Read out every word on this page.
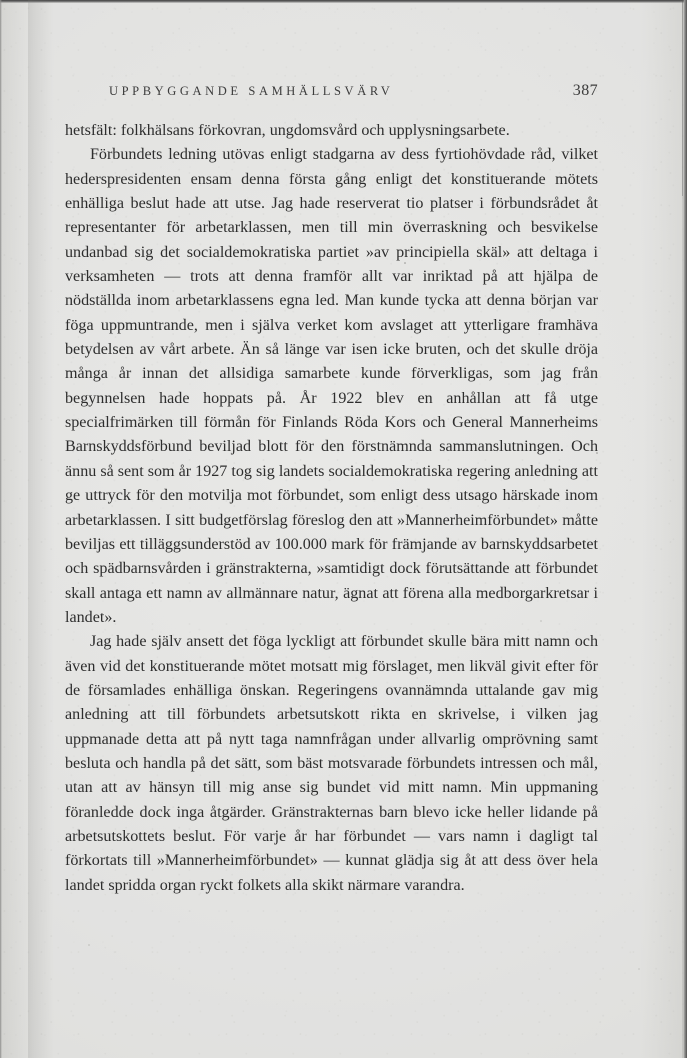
UPPBYGGANDE SAMHÄLLSVÄRV	387

hetsfält: folkhälsans förkovran, ungdomsvård och upplysningsarbete.

Förbundets ledning utövas enligt stadgarna av dess fyrtiohövdade råd, vilket hederspresidenten ensam denna första gång enligt det konstituerande mötets enhälliga beslut hade att utse. Jag hade reserverat tio platser i förbundsrådet åt representanter för arbetarklassen, men till min överraskning och besvikelse undanbad sig det socialdemokratiska partiet »av principiella skäl» att deltaga i verksamheten — trots att denna framför allt var inriktad på att hjälpa de nödställda inom arbetarklassens egna led. Man kunde tycka att denna början var föga uppmuntrande, men i själva verket kom avslaget att ytterligare framhäva betydelsen av vårt arbete. Än så länge var isen icke bruten, och det skulle dröja många år innan det allsidiga samarbete kunde förverkligas, som jag från begynnelsen hade hoppats på. År 1922 blev en anhållan att få utge specialfrimärken till förmån för Finlands Röda Kors och General Mannerheims Barnskyddsförbund beviljad blott för den förstnämnda sammanslutningen. Och ännu så sent som år 1927 tog sig landets socialdemokratiska regering anledning att ge uttryck för den motvilja mot förbundet, som enligt dess utsago härskade inom arbetarklassen. I sitt budgetförslag föreslog den att »Mannerheimförbundet» måtte beviljas ett tilläggsunderstöd av 100.000 mark för främjande av barnskyddsarbetet och spädbarnsvården i gränstrakterna, »samtidigt dock förutsättande att förbundet skall antaga ett namn av allmännare natur, ägnat att förena alla medborgarkretsar i landet».

Jag hade själv ansett det föga lyckligt att förbundet skulle bära mitt namn och även vid det konstituerande mötet motsatt mig förslaget, men likväl givit efter för de församlades enhälliga önskan. Regeringens ovannämnda uttalande gav mig anledning att till förbundets arbetsutskott rikta en skrivelse, i vilken jag uppmanade detta att på nytt taga namnfrågan under allvarlig omprövning samt besluta och handla på det sätt, som bäst motsvarade förbundets intressen och mål, utan att av hänsyn till mig anse sig bundet vid mitt namn. Min uppmaning föranledde dock inga åtgärder. Gränstrakternas barn blevo icke heller lidande på arbetsutskottets beslut. För varje år har förbundet — vars namn i dagligt tal förkortats till »Mannerheimförbundet» — kunnat glädja sig åt att dess över hela landet spridda organ ryckt folkets alla skikt närmare varandra.
